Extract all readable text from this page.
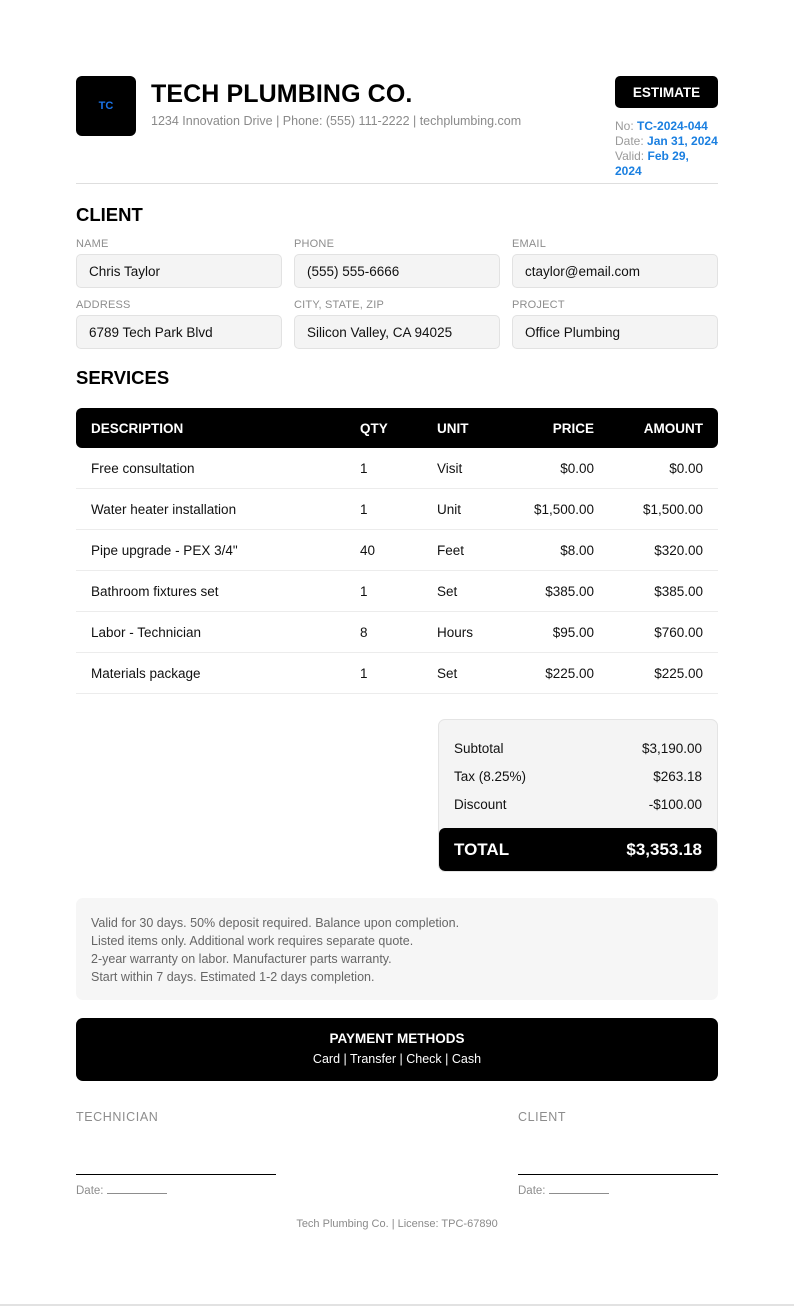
TC TECH PLUMBING CO.
1234 Innovation Drive | Phone: (555) 111-2222 | techplumbing.com
ESTIMATE
No: TC-2024-044
Date: Jan 31, 2024
Valid: Feb 29, 2024
CLIENT
NAME
Chris Taylor
PHONE
(555) 555-6666
EMAIL
ctaylor@email.com
ADDRESS
6789 Tech Park Blvd
CITY, STATE, ZIP
Silicon Valley, CA 94025
PROJECT
Office Plumbing
SERVICES
DESCRIPTION	QTY	UNIT	PRICE	AMOUNT
Free consultation	1	Visit	$0.00	$0.00
Water heater installation	1	Unit	$1,500.00	$1,500.00
Pipe upgrade - PEX 3/4"	40	Feet	$8.00	$320.00
Bathroom fixtures set	1	Set	$385.00	$385.00
Labor - Technician	8	Hours	$95.00	$760.00
Materials package	1	Set	$225.00	$225.00
Subtotal	$3,190.00
Tax (8.25%)	$263.18
Discount	-$100.00
TOTAL	$3,353.18
Valid for 30 days. 50% deposit required. Balance upon completion.
Listed items only. Additional work requires separate quote.
2-year warranty on labor. Manufacturer parts warranty.
Start within 7 days. Estimated 1-2 days completion.
PAYMENT METHODS
Card | Transfer | Check | Cash
TECHNICIAN
Date:
CLIENT
Date:
Tech Plumbing Co. | License: TPC-67890
